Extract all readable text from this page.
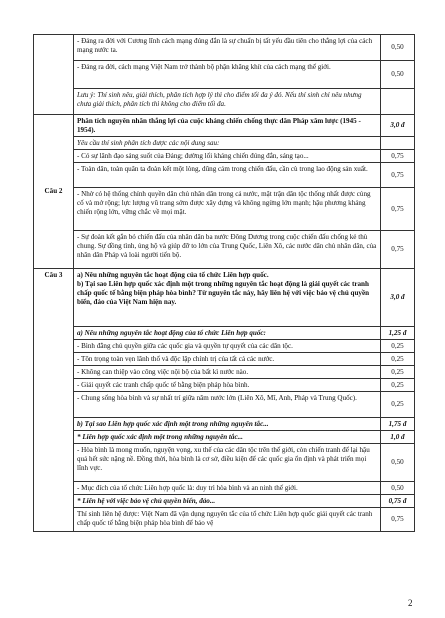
	- Đảng ra đời với Cương lĩnh cách mạng đúng đắn là sự chuẩn bị tất yếu đầu tiên cho thắng lợi của cách mạng nước ta.	0,50
	- Đảng ra đời, cách mạng Việt Nam trở thành bộ phận khăng khít của cách mạng thế giới.	0,50
	Lưu ý: Thí sinh nêu, giải thích, phân tích hợp lý thì cho điểm tối đa ý đó. Nếu thí sinh chỉ nêu nhưng chưa giải thích, phân tích thì không cho điểm tối đa.	
Câu 2	Phân tích nguyên nhân thắng lợi của cuộc kháng chiến chống thực dân Pháp xâm lược (1945 - 1954).	3,0 đ
	Yêu cầu thí sinh phân tích được các nội dung sau:	
	- Có sự lãnh đạo sáng suốt của Đảng; đường lối kháng chiến đúng đắn, sáng tạo...	0,75
	- Toàn dân, toàn quân ta đoàn kết một lòng, dũng cảm trong chiến đấu, cần cù trong lao động sản xuất.	0,75
	- Nhờ có hệ thống chính quyền dân chủ nhân dân trong cả nước, mặt trận dân tộc thống nhất được củng cố và mở rộng; lực lượng vũ trang sớm được xây dựng và không ngừng lớn mạnh; hậu phương kháng chiến rộng lớn, vững chắc về mọi mặt.	0,75
	- Sự đoàn kết gắn bó chiến đấu của nhân dân ba nước Đông Dương trong cuộc chiến đấu chống kẻ thù chung. Sự đồng tình, ủng hộ và giúp đỡ to lớn của Trung Quốc, Liên Xô, các nước dân chủ nhân dân, của nhân dân Pháp và loài người tiến bộ.	0,75
Câu 3	a) Nêu những nguyên tắc hoạt động của tổ chức Liên hợp quốc.
b) Tại sao Liên hợp quốc xác định một trong những nguyên tắc hoạt động là giải quyết các tranh chấp quốc tế bằng biện pháp hòa bình? Từ nguyên tắc này, hãy liên hệ với việc bảo vệ chủ quyền biển, đảo của Việt Nam hiện nay.	3,0 đ
	a) Nêu những nguyên tắc hoạt động của tổ chức Liên hợp quốc:	1,25 đ
	- Bình đẳng chủ quyền giữa các quốc gia và quyền tự quyết của các dân tộc.	0,25
	- Tôn trọng toàn vẹn lãnh thổ và độc lập chính trị của tất cả các nước.	0,25
	- Không can thiệp vào công việc nội bộ của bất kì nước nào.	0,25
	- Giải quyết các tranh chấp quốc tế bằng biện pháp hòa bình.	0,25
	- Chung sống hòa bình và sự nhất trí giữa năm nước lớn (Liên Xô, Mĩ, Anh, Pháp và Trung Quốc).	0,25
	b) Tại sao Liên hợp quốc xác định một trong những nguyên tắc...	1,75 đ
	* Liên hợp quốc xác định một trong những nguyên tắc...	1,0 đ
	- Hòa bình là mong muốn, nguyện vọng, xu thế của các dân tộc trên thế giới, còn chiến tranh để lại hậu quả hết sức nặng nề. Đồng thời, hòa bình là cơ sở, điều kiện để các quốc gia ổn định và phát triển mọi lĩnh vực.	0,50
	- Mục đích của tổ chức Liên hợp quốc là: duy trì hòa bình và an ninh thế giới.	0,50
	* Liên hệ với việc bảo vệ chủ quyền biển, đảo...	0,75 đ
	Thí sinh liên hệ được: Việt Nam đã vận dụng nguyên tắc của tổ chức Liên hợp quốc giải quyết các tranh chấp quốc tế bằng biện pháp hòa bình để bảo vệ	0,75
2
